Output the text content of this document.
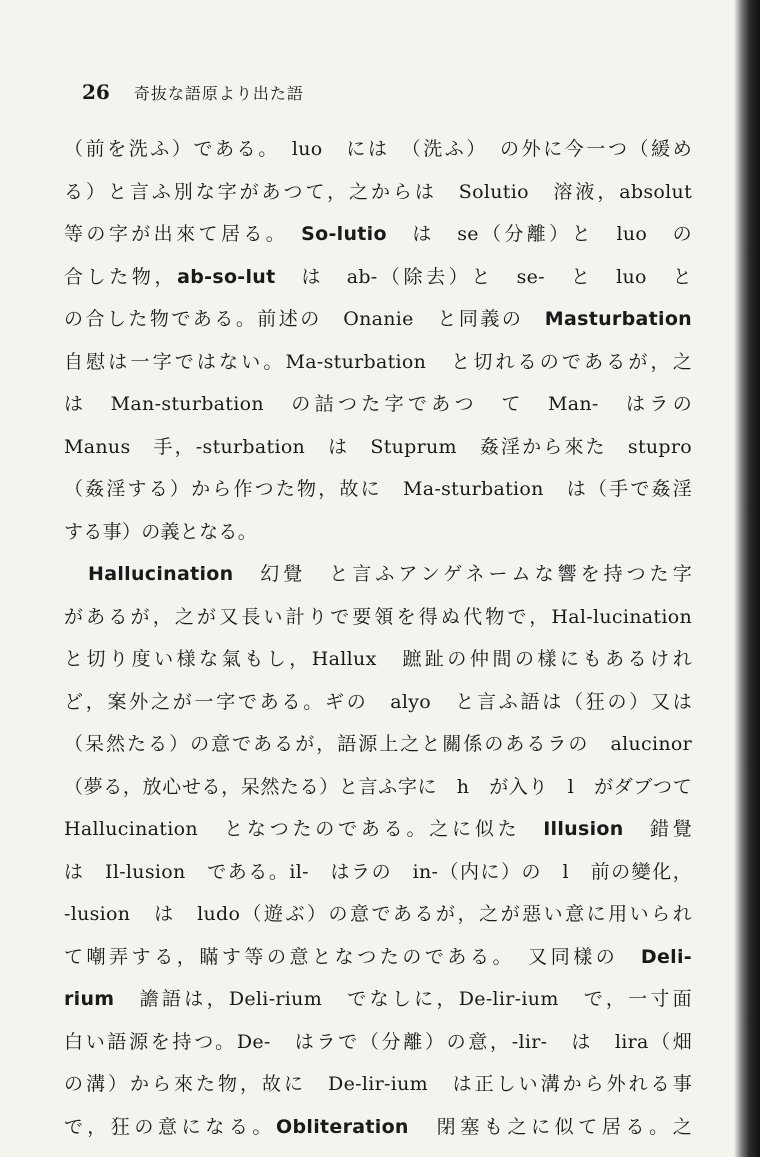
26 奇抜な語原より出た語
（前を洗ふ）である。　luo　には　（洗ふ）　の外に今一つ（緩め
る）と言ふ別な字があつて，之からは　Solutio　溶液，absolut
等の字が出來て居る。　So-lutio　は　se（分離）と　luo　の
合した物，ab-so-lut　は　ab-（除去）と　se-　と　luo　と
の合した物である。前述の　Onanie　と同義の　Masturbation
自慰は一字ではない。Ma-sturbation　と切れるのであるが，之
は　Man-sturbation　の詰つた字であつ　て　Man-　はラの
Manus　手，-sturbation　は　Stuprum　姦淫から來た　stupro
（姦淫する）から作つた物，故に　Ma-sturbation　は（手で姦淫
する事）の義となる。
Hallucination　幻覺　と言ふアンゲネームな響を持つた字
があるが，之が又長い計りで要領を得ぬ代物で，Hal-lucination
と切り度い様な氣もし，Hallux　蹠趾の仲間の樣にもあるけれ
ど，案外之が一字である。ギの　alyo　と言ふ語は（狂の）又は
（呆然たる）の意であるが，語源上之と關係のあるラの　alucinor
（夢る，放心せる，呆然たる）と言ふ字に　h　が入り　l　がダブつて
Hallucination　となつたのである。之に似た　Illusion　錯覺
は　Il-lusion　である。il-　はラの　in-（内に）の　l　前の變化，
-lusion　は　ludo（遊ぶ）の意であるが，之が惡い意に用いられ
て嘲弄する，瞞す等の意となつたのである。　又同樣の　Deli-
rium　譫語は，Deli-rium　でなしに，De-lir-ium　で，一寸面
白い語源を持つ。De-　はラで（分離）の意，-lir-　は　lira（畑
の溝）から來た物，故に　De-lir-ium　は正しい溝から外れる事
で，狂の意になる。Obliteration　閉塞も之に似て居る。之
